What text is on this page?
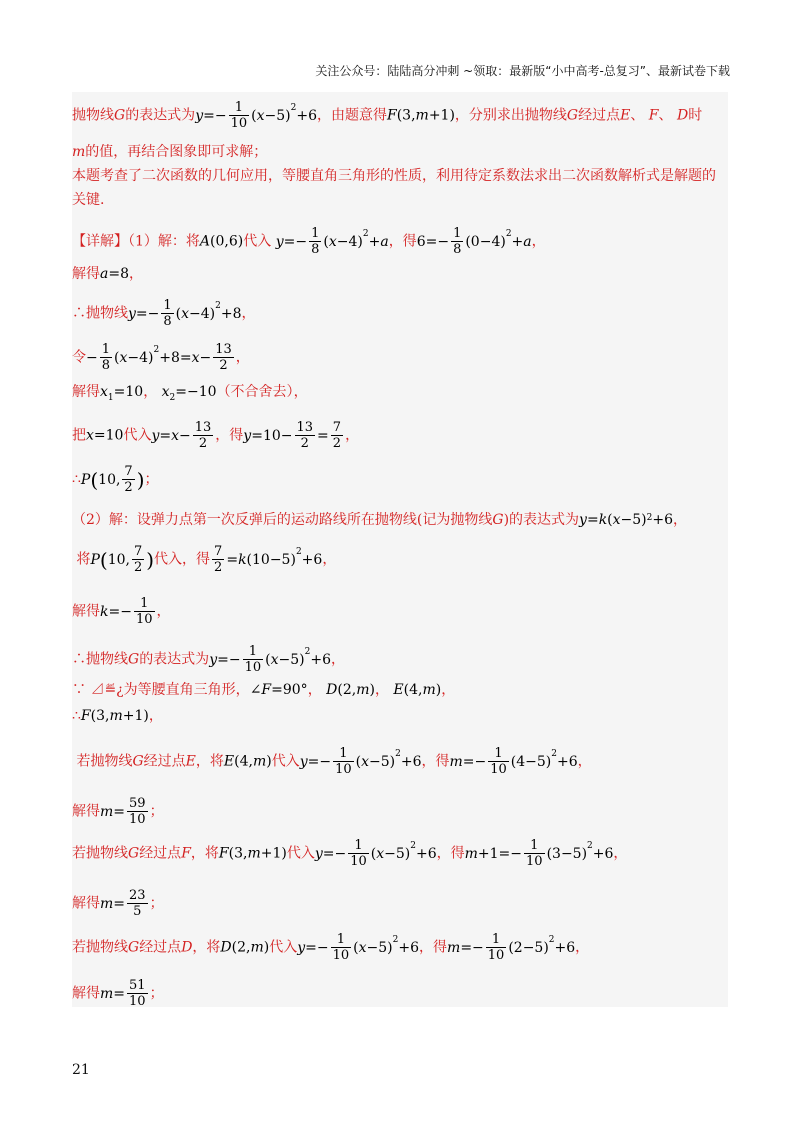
关注公众号：陆陆高分冲刺 ~领取：最新版“小中高考-总复习”、最新试卷下载
抛物线G的表达式为$y=- \frac{1}{10} (x-5)^2+6$，由题意得F(3,m+1)，分别求出抛物线G经过点E、 F、 D时
m的值，再结合图象即可求解；
本题考查了二次函数的几何应用，等腰直角三角形的性质，利用待定系数法求出二次函数解析式是解题的
关键.
【详解】（1）解：将A(0,6)代入 $y=- \frac{1}{8} (x-4)^2+a$，得$6=- \frac{1}{8} (0-4)^2+a$，
解得a=8，
∴抛物线$y=- \frac{1}{8} (x-4)^2+8$，
令− $\frac{1}{8} (x-4)^2+8=x- \frac{13}{2}$ ，
解得$x_1=10$， $x_2=-10$（不合舍去），
把x=10代入$y=x- \frac{13}{2}$ ，得$y=10- \frac{13}{2} = \frac{7}{2}$ ，
∴P(10, $\frac{7}{2}$ )；
（2）解：设弹力点第一次反弹后的运动路线所在抛物线(记为抛物线G)的表达式为$y=k(x-5)^2+6$，
将P(10, $\frac{7}{2}$ )代入，得 $\frac{7}{2} =k(10-5)^2+6$，
解得$k=- \frac{1}{10}$ ，
∴抛物线G的表达式为$y=- \frac{1}{10} (x-5)^2+6$，
∵ ⊿≝¿为等腰直角三角形，∠F=90°， D(2,m)， E(4,m)，
∴F(3,m+1)，
若抛物线G经过点E，将E(4,m)代入$y=- \frac{1}{10} (x-5)^2+6$，得$m=- \frac{1}{10} (4-5)^2+6$，
解得$m= \frac{59}{10}$ ；
若抛物线G经过点F，将F(3,m+1)代入$y=- \frac{1}{10} (x-5)^2+6$，得$m+1=- \frac{1}{10} (3-5)^2+6$，
解得$m= \frac{23}{5}$ ；
若抛物线G经过点D，将D(2,m)代入$y=- \frac{1}{10} (x-5)^2+6$，得$m=- \frac{1}{10} (2-5)^2+6$，
解得$m= \frac{51}{10}$ ；
21
